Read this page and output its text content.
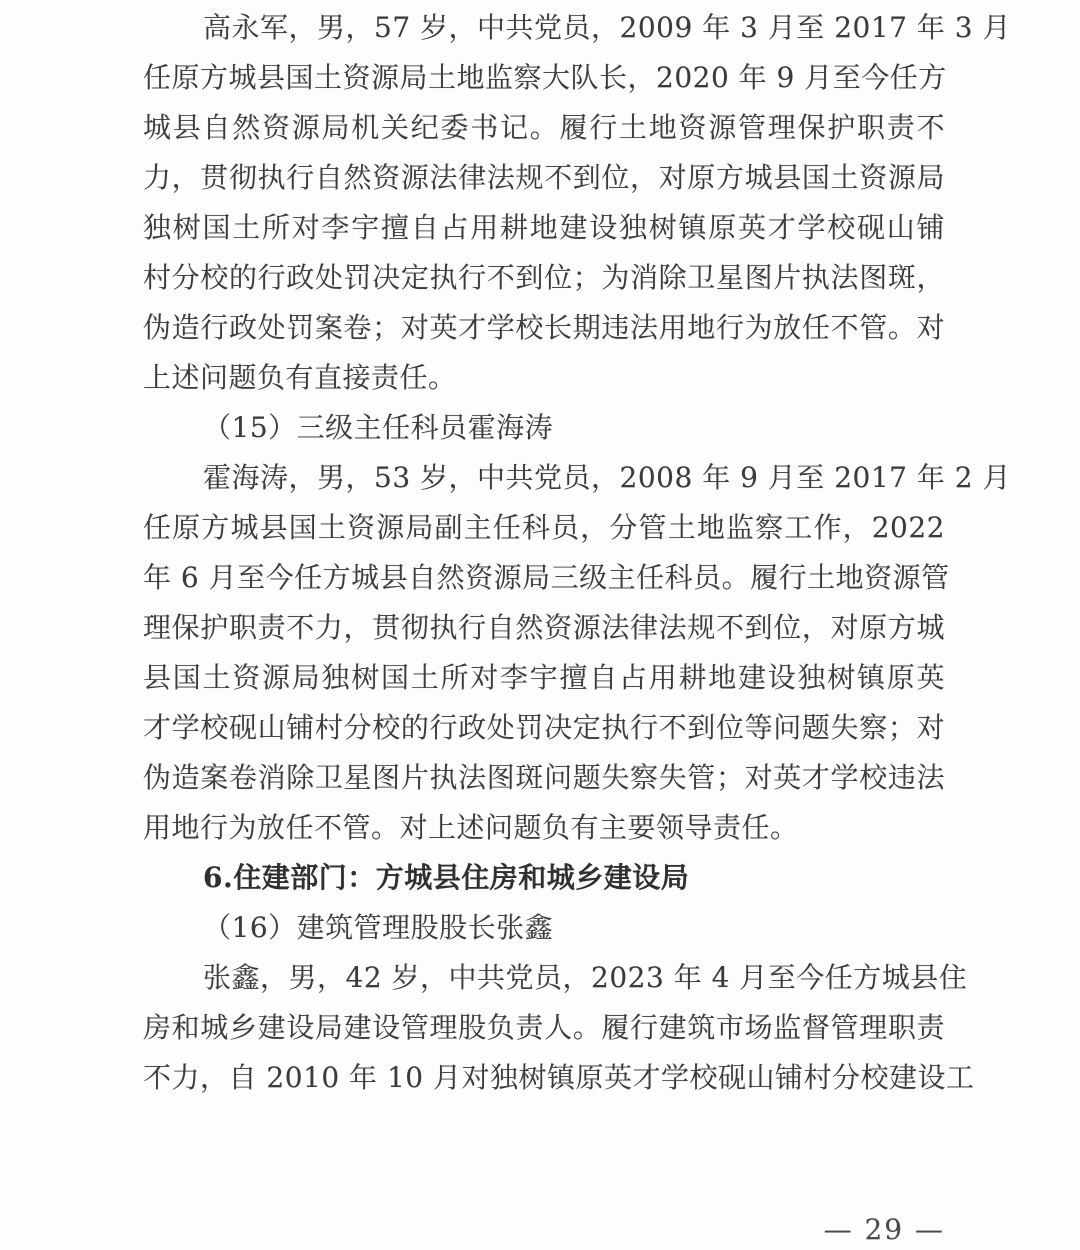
高永军，男，57 岁，中共党员，2009 年 3 月至 2017 年 3 月
任原方城县国土资源局土地监察大队长，2020 年 9 月至今任方
城县自然资源局机关纪委书记。履行土地资源管理保护职责不
力，贯彻执行自然资源法律法规不到位，对原方城县国土资源局
独树国土所对李宇擅自占用耕地建设独树镇原英才学校砚山铺
村分校的行政处罚决定执行不到位；为消除卫星图片执法图斑，
伪造行政处罚案卷；对英才学校长期违法用地行为放任不管。对
上述问题负有直接责任。
（15）三级主任科员霍海涛
霍海涛，男，53 岁，中共党员，2008 年 9 月至 2017 年 2 月
任原方城县国土资源局副主任科员，分管土地监察工作，2022
年 6 月至今任方城县自然资源局三级主任科员。履行土地资源管
理保护职责不力，贯彻执行自然资源法律法规不到位，对原方城
县国土资源局独树国土所对李宇擅自占用耕地建设独树镇原英
才学校砚山铺村分校的行政处罚决定执行不到位等问题失察；对
伪造案卷消除卫星图片执法图斑问题失察失管；对英才学校违法
用地行为放任不管。对上述问题负有主要领导责任。
6.住建部门：方城县住房和城乡建设局
（16）建筑管理股股长张鑫
张鑫，男，42 岁，中共党员，2023 年 4 月至今任方城县住
房和城乡建设局建设管理股负责人。履行建筑市场监督管理职责
不力，自 2010 年 10 月对独树镇原英才学校砚山铺村分校建设工
— 29 —
